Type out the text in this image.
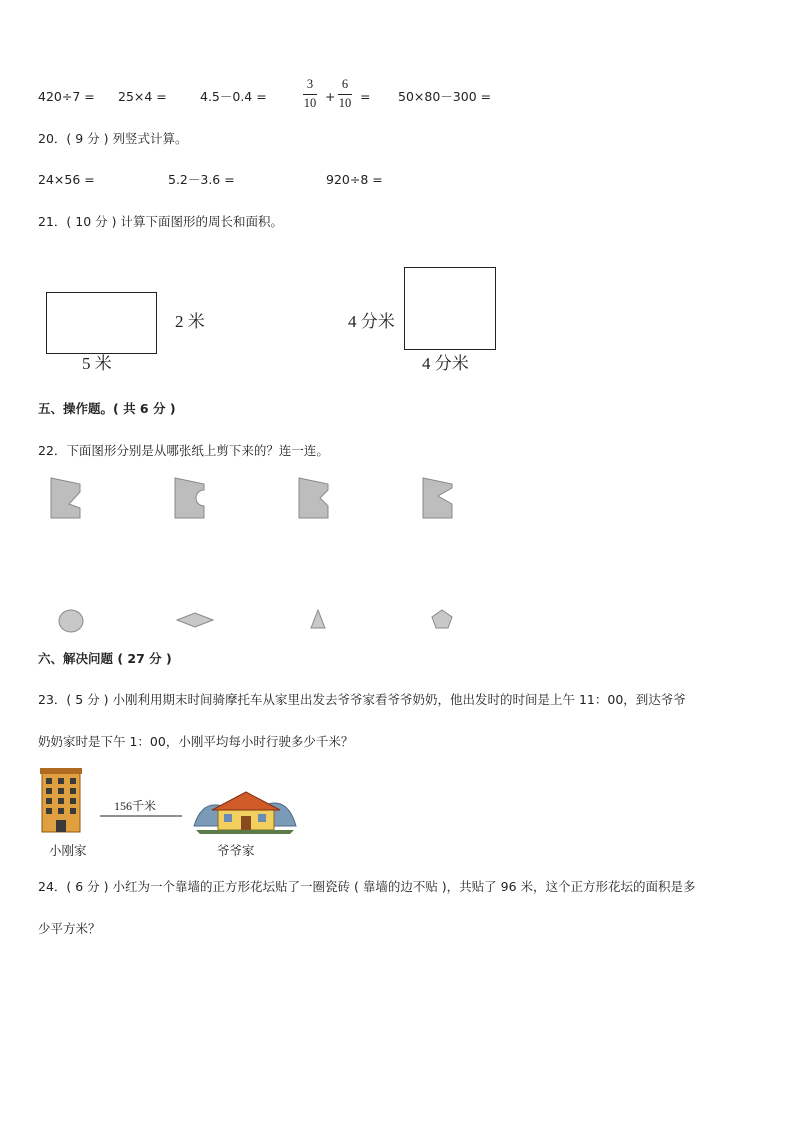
420÷7 = 25×4 =	4.5－0.4 =
3
10 +
6
10 = 50×80－300 =
20．( 9 分 ) 列竖式计算。
24×56 =	5.2－3.6 =	920÷8 =
21．( 10 分 ) 计算下面图形的周长和面积。
2 米
5 米
4 分米
4 分米
五、操作题。( 共 6 分 )
22．下面图形分别是从哪张纸上剪下来的？连一连。
六、解决问题 ( 27 分 )
23．( 5 分 ) 小刚利用期末时间骑摩托车从家里出发去爷爷家看爷爷奶奶，他出发时的时间是上午 11：00，到达爷爷
奶奶家时是下午 1：00，小刚平均每小时行驶多少千米？
156千米
小刚家	爷爷家
24．( 6 分 ) 小红为一个靠墙的正方形花坛贴了一圈瓷砖 ( 靠墙的边不贴 )，共贴了 96 米，这个正方形花坛的面积是多
少平方米？
